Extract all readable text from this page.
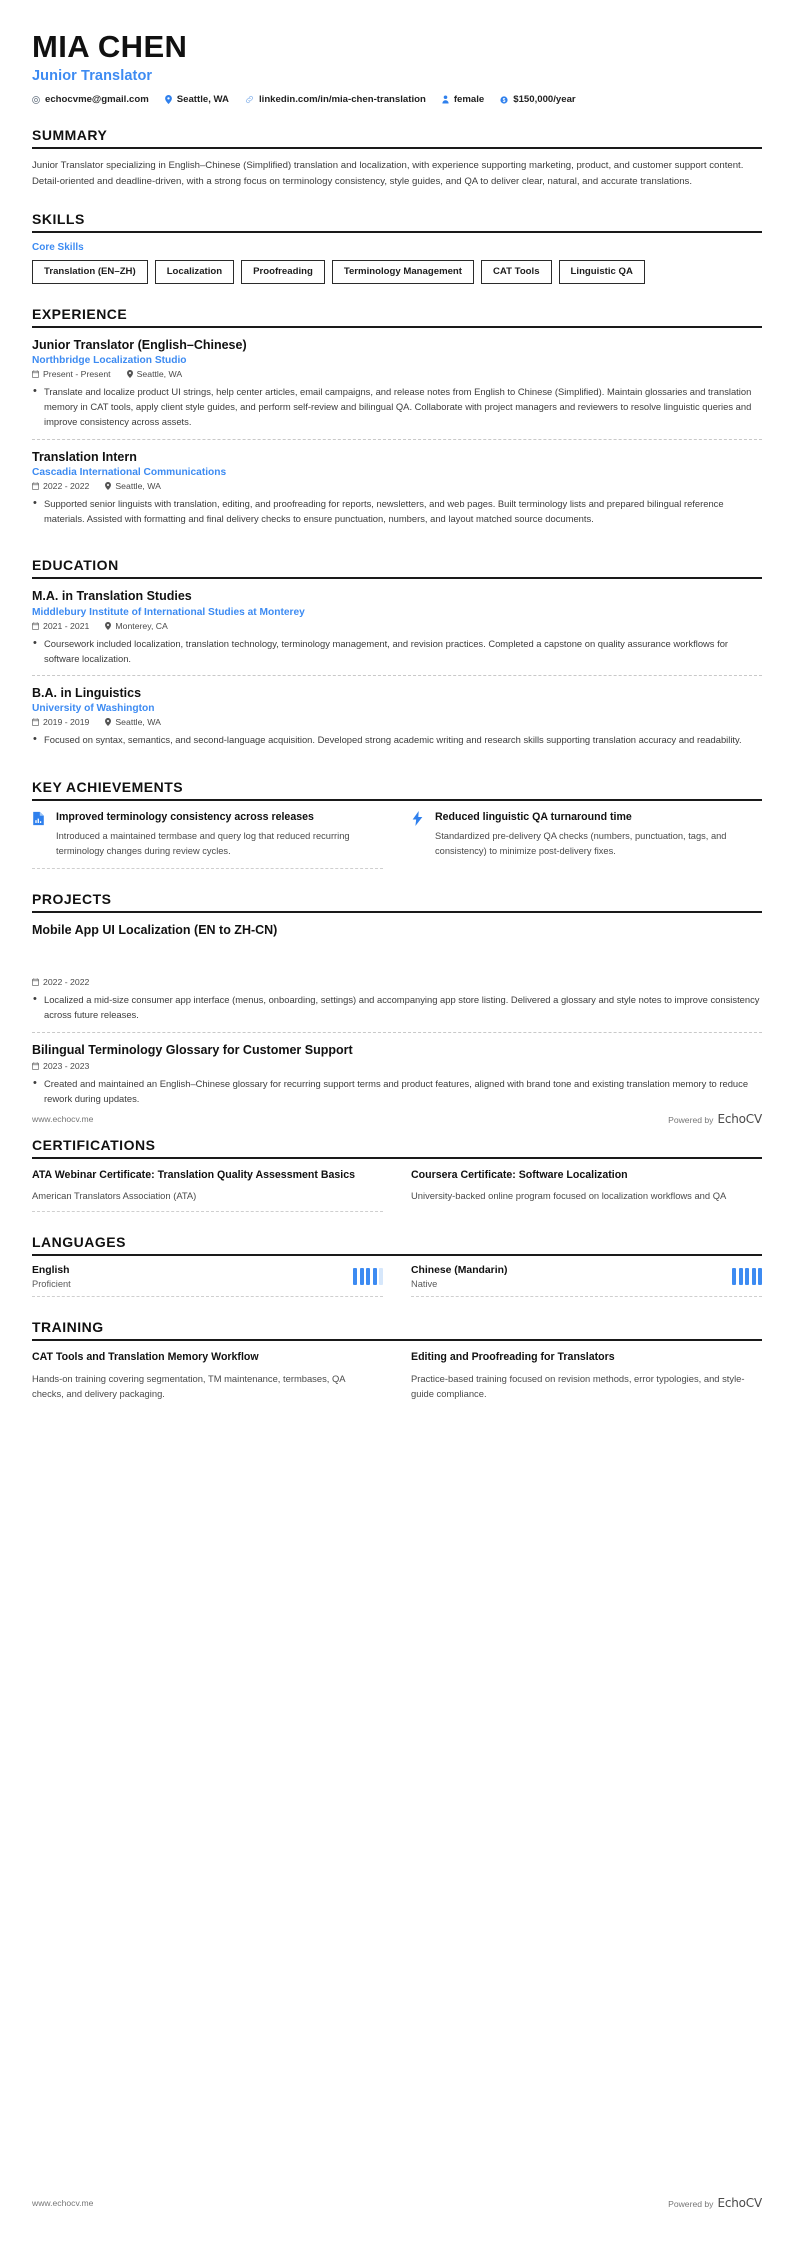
MIA CHEN
Junior Translator
echocvme@gmail.com	Seattle, WA	linkedin.com/in/mia-chen-translation	female $ $150,000/year
SUMMARY

Junior Translator specializing in English–Chinese (Simplified) translation and localization, with experience supporting marketing, product, and customer support content. Detail-oriented and deadline-driven, with a strong focus on terminology consistency, style guides, and QA to deliver clear, natural, and accurate translations.

SKILLS
Core Skills
Translation (EN–ZH)	Localization	Proofreading	Terminology Management	CAT Tools	Linguistic QA
EXPERIENCE
Junior Translator (English–Chinese)
Northbridge Localization Studio
Present - Present	Seattle, WA
• Translate and localize product UI strings, help center articles, email campaigns, and release notes from English to Chinese (Simplified). Maintain glossaries and translation memory in CAT tools, apply client style guides, and perform self-review and bilingual QA. Collaborate with project managers and reviewers to resolve linguistic queries and improve consistency across assets.
Translation Intern
Cascadia International Communications
2022 - 2022	Seattle, WA
• Supported senior linguists with translation, editing, and proofreading for reports, newsletters, and web pages. Built terminology lists and prepared bilingual reference materials. Assisted with formatting and final delivery checks to ensure punctuation, numbers, and layout matched source documents.
EDUCATION
M.A. in Translation Studies
Middlebury Institute of International Studies at Monterey
2021 - 2021	Monterey, CA
• Coursework included localization, translation technology, terminology management, and revision practices. Completed a capstone on quality assurance workflows for software localization.
B.A. in Linguistics
University of Washington
2019 - 2019	Seattle, WA
• Focused on syntax, semantics, and second-language acquisition. Developed strong academic writing and research skills supporting translation accuracy and readability.
KEY ACHIEVEMENTS
Improved terminology consistency across releases
Introduced a maintained termbase and query log that reduced recurring terminology changes during review cycles.
Reduced linguistic QA turnaround time
Standardized pre-delivery QA checks (numbers, punctuation, tags, and consistency) to minimize post-delivery fixes.
PROJECTS
Mobile App UI Localization (EN to ZH-CN)
2022 - 2022
• Localized a mid-size consumer app interface (menus, onboarding, settings) and accompanying app store listing. Delivered a glossary and style notes to improve consistency across future releases.
Bilingual Terminology Glossary for Customer Support
2023 - 2023
• Created and maintained an English–Chinese glossary for recurring support terms and product features, aligned with brand tone and existing translation memory to reduce rework during updates.
CERTIFICATIONS
ATA Webinar Certificate: Translation Quality Assessment Basics
American Translators Association (ATA)
Coursera Certificate: Software Localization
University-backed online program focused on localization workflows and QA
LANGUAGES
English
Proficient
Chinese (Mandarin)
Native
TRAINING
CAT Tools and Translation Memory Workflow
Hands-on training covering segmentation, TM maintenance, termbases, QA checks, and delivery packaging.
Editing and Proofreading for Translators
Practice-based training focused on revision methods, error typologies, and style-guide compliance.
www.echocv.me	Powered by EchoCV
www.echocv.me	Powered by EchoCV
